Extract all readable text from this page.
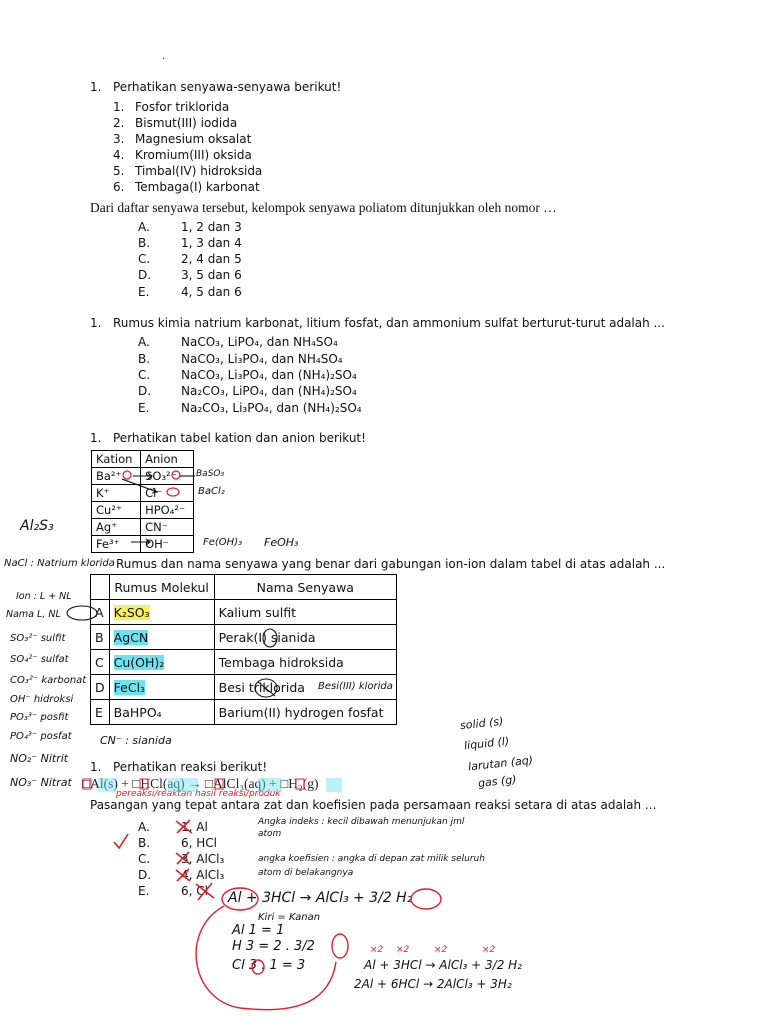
·
1. Perhatikan senyawa-senyawa berikut!
1. Fosfor triklorida
2. Bismut(III) iodida
3. Magnesium oksalat
4. Kromium(III) oksida
5. Timbal(IV) hidroksida
6. Tembaga(I) karbonat
Dari daftar senyawa tersebut, kelompok senyawa poliatom ditunjukkan oleh nomor …
A.	1, 2 dan 3
B.	1, 3 dan 4
C.	2, 4 dan 5
D. 3, 5 dan 6
E.	4, 5 dan 6
1. Rumus kimia natrium karbonat, litium fosfat, dan ammonium sulfat berturut-turut adalah ...
A.	NaCO₃, LiPO₄, dan NH₄SO₄
B.	NaCO₃, Li₃PO₄, dan NH₄SO₄
C.	NaCO₃, Li₃PO₄, dan (NH₄)₂SO₄
D. Na₂CO₃, LiPO₄, dan (NH₄)₂SO₄
E.	Na₂CO₃, Li₃PO₄, dan (NH₄)₂SO₄
1. Perhatikan tabel kation dan anion berikut!
Kation	Anion
Ba²⁺	SO₃²⁻
K⁺	Cl⁻
Cu²⁺	HPO₄²⁻
Ag⁺	CN⁻
Fe³⁺	OH⁻
Rumus dan nama senyawa yang benar dari gabungan ion-ion dalam tabel di atas adalah ...
	Rumus Molekul	Nama Senyawa
A	K₂SO₃	Kalium sulfit
B	AgCN	Perak(I) sianida
C	Cu(OH)₂	Tembaga hidroksida
D	FeCl₃	Besi triklorida
E	BaHPO₄	Barium(II) hydrogen fosfat
1. Perhatikan reaksi berikut!
□Al(s) + □HCl(aq) → □AlCl₃(aq) + □H₂(g)
Pasangan yang tepat antara zat dan koefisien pada persamaan reaksi setara di atas adalah ...
A.	1, Al
B.	6, HCl
C.	3, AlCl₃
D. 4, AlCl₃
E.	6, Cl
Al₂S₃
NaCl : Natrium klorida
Ion : L + NL
Nama L, NL
SO₃²⁻ sulfit
SO₄²⁻ sulfat
CO₃²⁻ karbonat
OH⁻ hidroksi
PO₃³⁻ posfit
PO₄³⁻ posfat
NO₂⁻ Nitrit
NO₃⁻ Nitrat
BaSO₃
BaCl₂
Fe(OH)₃ FeOH₃
CN⁻ : sianida
Besi(III) klorida
solid (s)
liquid (l)
larutan (aq)
gas (g)
pereaksi/reaktan hasil reaksi/produk
Angka indeks : kecil dibawah menunjukan jml atom
angka koefisien : angka di depan zat milik seluruh atom di belakangnya
Al + 3HCl → AlCl₃ + 3/2 H₂
Kiri = Kanan
Al 1 = 1
H 3 = 2 . 3/2
Cl 3 . 1 = 3
×2 ×2	×2	×2
Al + 3HCl → AlCl₃ + 3/2 H₂
2Al + 6HCl → 2AlCl₃ + 3H₂
